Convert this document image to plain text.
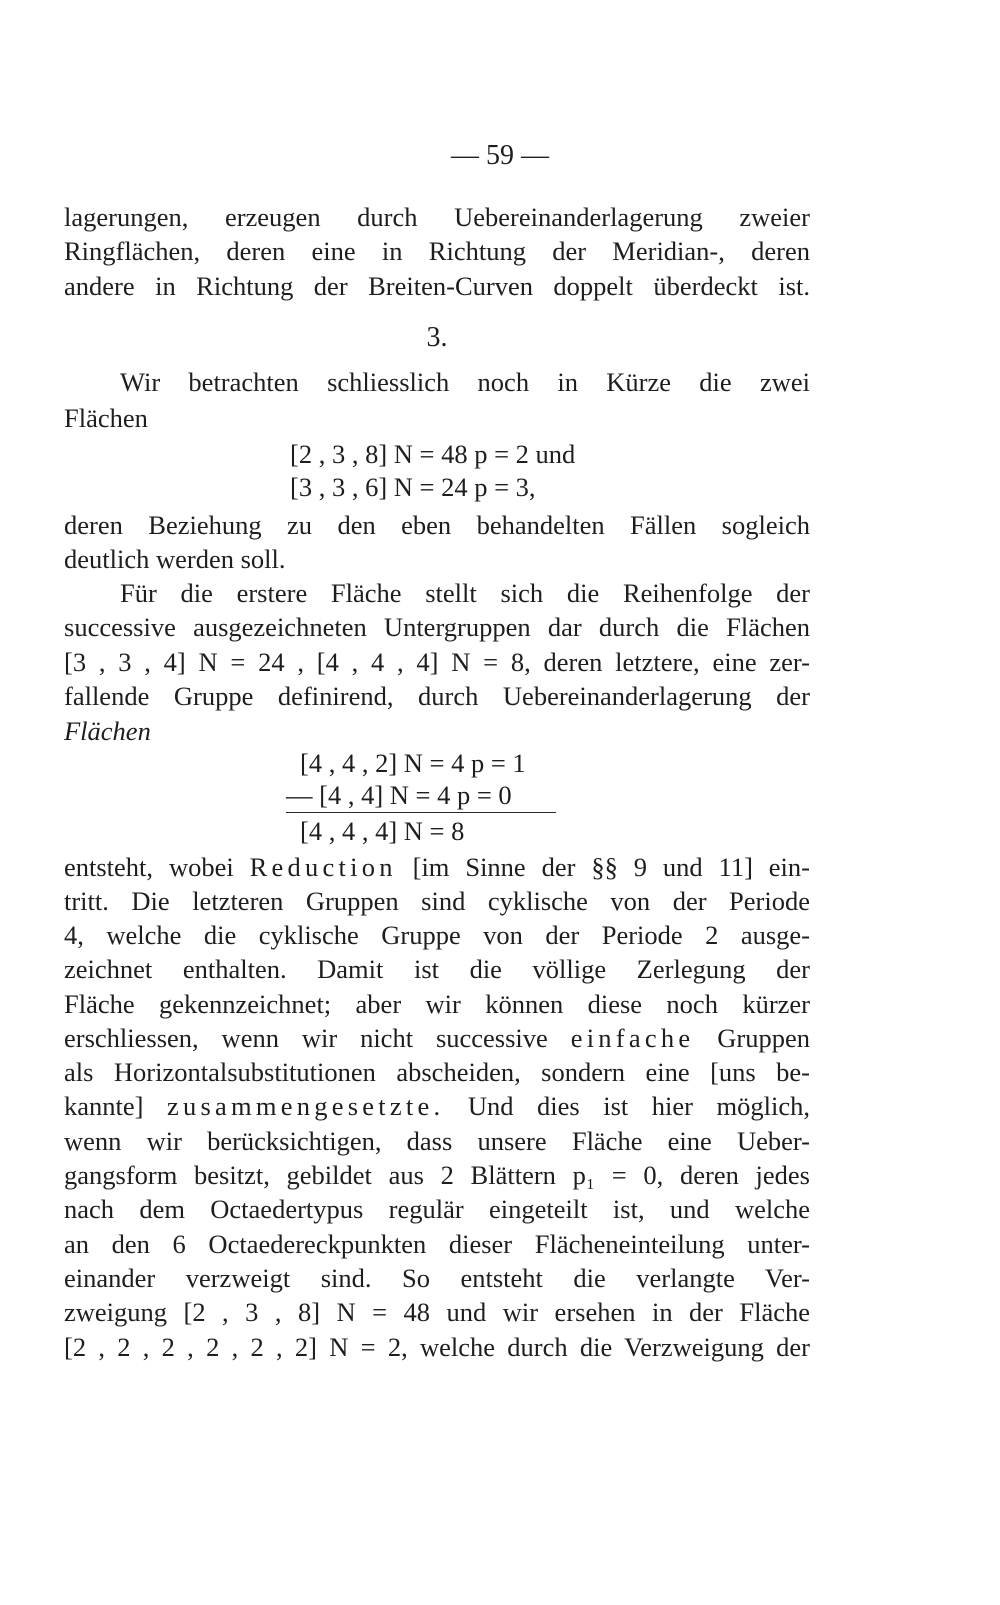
— 59 —
lagerungen, erzeugen durch Uebereinanderlagerung zweier
Ringflächen, deren eine in Richtung der Meridian-, deren
andere in Richtung der Breiten-Curven doppelt überdeckt ist.
3.
Wir betrachten schliesslich noch in Kürze die zwei
Flächen
[2 , 3 , 8] N = 48 p = 2 und
[3 , 3 , 6] N = 24 p = 3,
deren Beziehung zu den eben behandelten Fällen sogleich
deutlich werden soll.
Für die erstere Fläche stellt sich die Reihenfolge der
successive ausgezeichneten Untergruppen dar durch die Flächen
[3 , 3 , 4] N = 24 , [4 , 4 , 4] N = 8, deren letztere, eine zer-
fallende Gruppe definirend, durch Uebereinanderlagerung der
Flächen
[4 , 4 , 2] N = 4 p = 1
— [4 , 4] N = 4 p = 0
[4 , 4 , 4] N = 8
entsteht, wobei Reduction [im Sinne der §§ 9 und 11] ein-
tritt. Die letzteren Gruppen sind cyklische von der Periode
4, welche die cyklische Gruppe von der Periode 2 ausge-
zeichnet enthalten. Damit ist die völlige Zerlegung der
Fläche gekennzeichnet; aber wir können diese noch kürzer
erschliessen, wenn wir nicht successive einfache Gruppen
als Horizontalsubstitutionen abscheiden, sondern eine [uns be-
kannte] zusammengesetzte. Und dies ist hier möglich,
wenn wir berücksichtigen, dass unsere Fläche eine Ueber-
gangsform besitzt, gebildet aus 2 Blättern p₁ = 0, deren jedes
nach dem Octaedertypus regulär eingeteilt ist, und welche
an den 6 Octaedereckpunkten dieser Flächeneinteilung unter-
einander verzweigt sind. So entsteht die verlangte Ver-
zweigung [2 , 3 , 8] N = 48 und wir ersehen in der Fläche
[2 , 2 , 2 , 2 , 2 , 2] N = 2, welche durch die Verzweigung der
